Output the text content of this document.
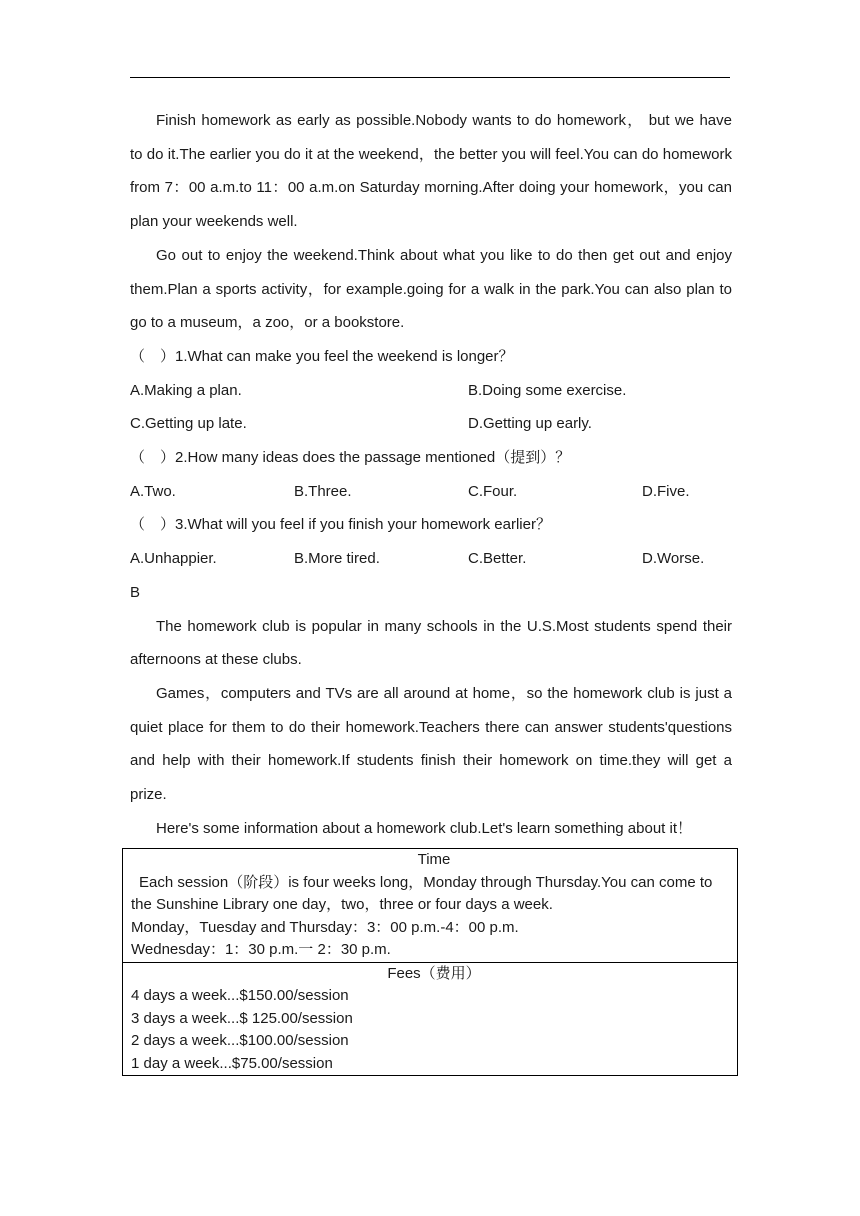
Finish homework as early as possible.Nobody wants to do homework， but we have to do it.The earlier you do it at the weekend，the better you will feel.You can do homework from 7：00 a.m.to 11：00 a.m.on Saturday morning.After doing your homework，you can plan your weekends well.

Go out to enjoy the weekend.Think about what you like to do then get out and enjoy them.Plan a sports activity，for example.going for a walk in the park.You can also plan to go to a museum，a zoo，or a bookstore.

（　）1.What can make you feel the weekend is longer？

A.Making a plan.	B.Doing some exercise.
C.Getting up late.	D.Getting up early.

（　）2.How many ideas does the passage mentioned（提到）？

A.Two.	B.Three.	C.Four.	D.Five.

（　）3.What will you feel if you finish your homework earlier？

A.Unhappier.	B.More tired.	C.Better.	D.Worse.

B

The homework club is popular in many schools in the U.S.Most students spend their afternoons at these clubs.

Games，computers and TVs are all around at home，so the homework club is just a quiet place for them to do their homework.Teachers there can answer students'questions and help with their homework.If students finish their homework on time.they will get a prize.

Here's some information about a homework club.Let's learn something about it！

Time
Each session（阶段）is four weeks long，Monday through Thursday.You can come to
the Sunshine Library one day，two，three or four days a week.
Monday，Tuesday and Thursday：3：00 p.m.-4：00 p.m.
Wednesday：1：30 p.m.一 2：30 p.m.

Fees（费用）
4 days a week...$150.00/session
3 days a week...$ 125.00/session
2 days a week...$100.00/session
1 day a week...$75.00/session
